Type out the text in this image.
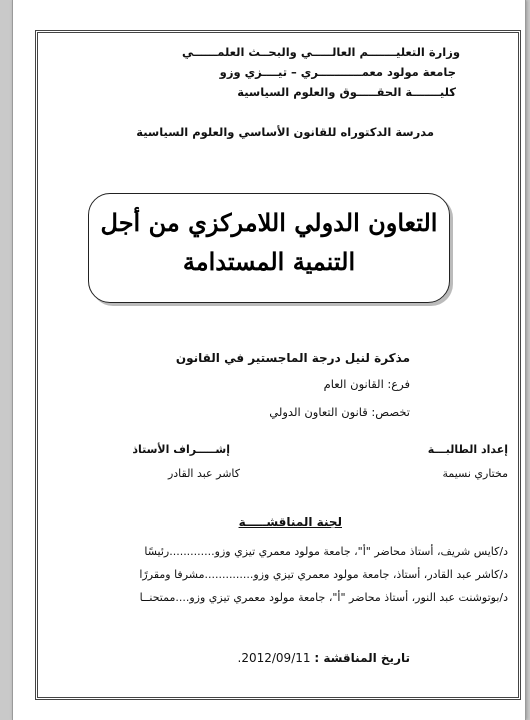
وزارة التعليـــــــم العالـــــي والبحــث العلمــــــي
جامعة مولود معمـــــــــــري – تيــــزي وزو
كليـــــــة الحقـــــوق والعلوم السياسية
مدرسة الدكتوراه للقانون الأساسي والعلوم السياسية
التعاون الدولي اللامركزي من أجل
التنمية المستدامة
مذكرة لنيل درجة الماجستير في القانون
فرع: القانون العام
تخصص: قانون التعاون الدولي
إعداد الطالبـــة
مختاري نسيمة
إشـــــراف الأستاذ
كاشر عبد القادر
لجنة المناقشـــــة
د/كايس شريف، أستاذ محاضر "أ"، جامعة مولود معمري تيزي وزو.............رئيسًا
د/كاشر عبد القادر، أستاذ، جامعة مولود معمري تيزي وزو..............مشرفا ومقررًا
د/بوتوشنت عبد النور، أستاذ محاضر "أ"، جامعة مولود معمري تيزي وزو....ممتحنــا
تاريخ المناقشة : 2012/09/11.
